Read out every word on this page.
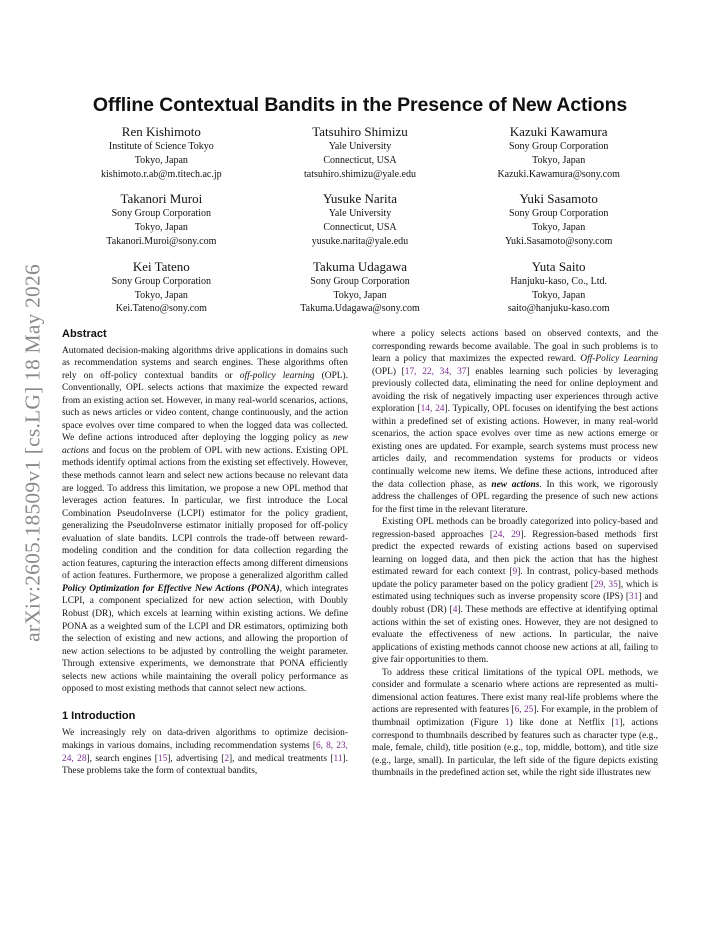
arXiv:2605.18509v1 [cs.LG] 18 May 2026
Offline Contextual Bandits in the Presence of New Actions
Ren Kishimoto
Institute of Science Tokyo
Tokyo, Japan
kishimoto.r.ab@m.titech.ac.jp
Tatsuhiro Shimizu
Yale University
Connecticut, USA
tatsuhiro.shimizu@yale.edu
Kazuki Kawamura
Sony Group Corporation
Tokyo, Japan
Kazuki.Kawamura@sony.com
Takanori Muroi
Sony Group Corporation
Tokyo, Japan
Takanori.Muroi@sony.com
Yusuke Narita
Yale University
Connecticut, USA
yusuke.narita@yale.edu
Yuki Sasamoto
Sony Group Corporation
Tokyo, Japan
Yuki.Sasamoto@sony.com
Kei Tateno
Sony Group Corporation
Tokyo, Japan
Kei.Tateno@sony.com
Takuma Udagawa
Sony Group Corporation
Tokyo, Japan
Takuma.Udagawa@sony.com
Yuta Saito
Hanjuku-kaso, Co., Ltd.
Tokyo, Japan
saito@hanjuku-kaso.com
Abstract

Automated decision-making algorithms drive applications in domains such as recommendation systems and search engines. These algorithms often rely on off-policy contextual bandits or off-policy learning (OPL). Conventionally, OPL selects actions that maximize the expected reward from an existing action set. However, in many real-world scenarios, actions, such as news articles or video content, change continuously, and the action space evolves over time compared to when the logged data was collected. We define actions introduced after deploying the logging policy as new actions and focus on the problem of OPL with new actions. Existing OPL methods identify optimal actions from the existing set effectively. However, these methods cannot learn and select new actions because no relevant data are logged. To address this limitation, we propose a new OPL method that leverages action features. In particular, we first introduce the Local Combination PseudoInverse (LCPI) estimator for the policy gradient, generalizing the PseudoInverse estimator initially proposed for off-policy evaluation of slate bandits. LCPI controls the trade-off between reward-modeling condition and the condition for data collection regarding the action features, capturing the interaction effects among different dimensions of action features. Furthermore, we propose a generalized algorithm called Policy Optimization for Effective New Actions (PONA), which integrates LCPI, a component specialized for new action selection, with Doubly Robust (DR), which excels at learning within existing actions. We define PONA as a weighted sum of the LCPI and DR estimators, optimizing both the selection of existing and new actions, and allowing the proportion of new action selections to be adjusted by controlling the weight parameter. Through extensive experiments, we demonstrate that PONA efficiently selects new actions while maintaining the overall policy performance as opposed to most existing methods that cannot select new actions.

1 Introduction

We increasingly rely on data-driven algorithms to optimize decision-makings in various domains, including recommendation systems [6, 8, 23, 24, 28], search engines [15], advertising [2], and medical treatments [11]. These problems take the form of contextual bandits,

where a policy selects actions based on observed contexts, and the corresponding rewards become available. The goal in such problems is to learn a policy that maximizes the expected reward. Off-Policy Learning (OPL) [17, 22, 34, 37] enables learning such policies by leveraging previously collected data, eliminating the need for online deployment and avoiding the risk of negatively impacting user experiences through active exploration [14, 24]. Typically, OPL focuses on identifying the best actions within a predefined set of existing actions. However, in many real-world scenarios, the action space evolves over time as new actions emerge or existing ones are updated. For example, search systems must process new articles daily, and recommendation systems for products or videos continually welcome new items. We define these actions, introduced after the data collection phase, as new actions. In this work, we rigorously address the challenges of OPL regarding the presence of such new actions for the first time in the relevant literature.

Existing OPL methods can be broadly categorized into policy-based and regression-based approaches [24, 29]. Regression-based methods first predict the expected rewards of existing actions based on supervised learning on logged data, and then pick the action that has the highest estimated reward for each context [9]. In contrast, policy-based methods update the policy parameter based on the policy gradient [29, 35], which is estimated using techniques such as inverse propensity score (IPS) [31] and doubly robust (DR) [4]. These methods are effective at identifying optimal actions within the set of existing ones. However, they are not designed to evaluate the effectiveness of new actions. In particular, the naive applications of existing methods cannot choose new actions at all, failing to give fair opportunities to them.

To address these critical limitations of the typical OPL methods, we consider and formulate a scenario where actions are represented as multi-dimensional action features. There exist many real-life problems where the actions are represented with features [6, 25]. For example, in the problem of thumbnail optimization (Figure 1) like done at Netflix [1], actions correspond to thumbnails described by features such as character type (e.g., male, female, child), title position (e.g., top, middle, bottom), and title size (e.g., large, small). In particular, the left side of the figure depicts existing thumbnails in the predefined action set, while the right side illustrates new
